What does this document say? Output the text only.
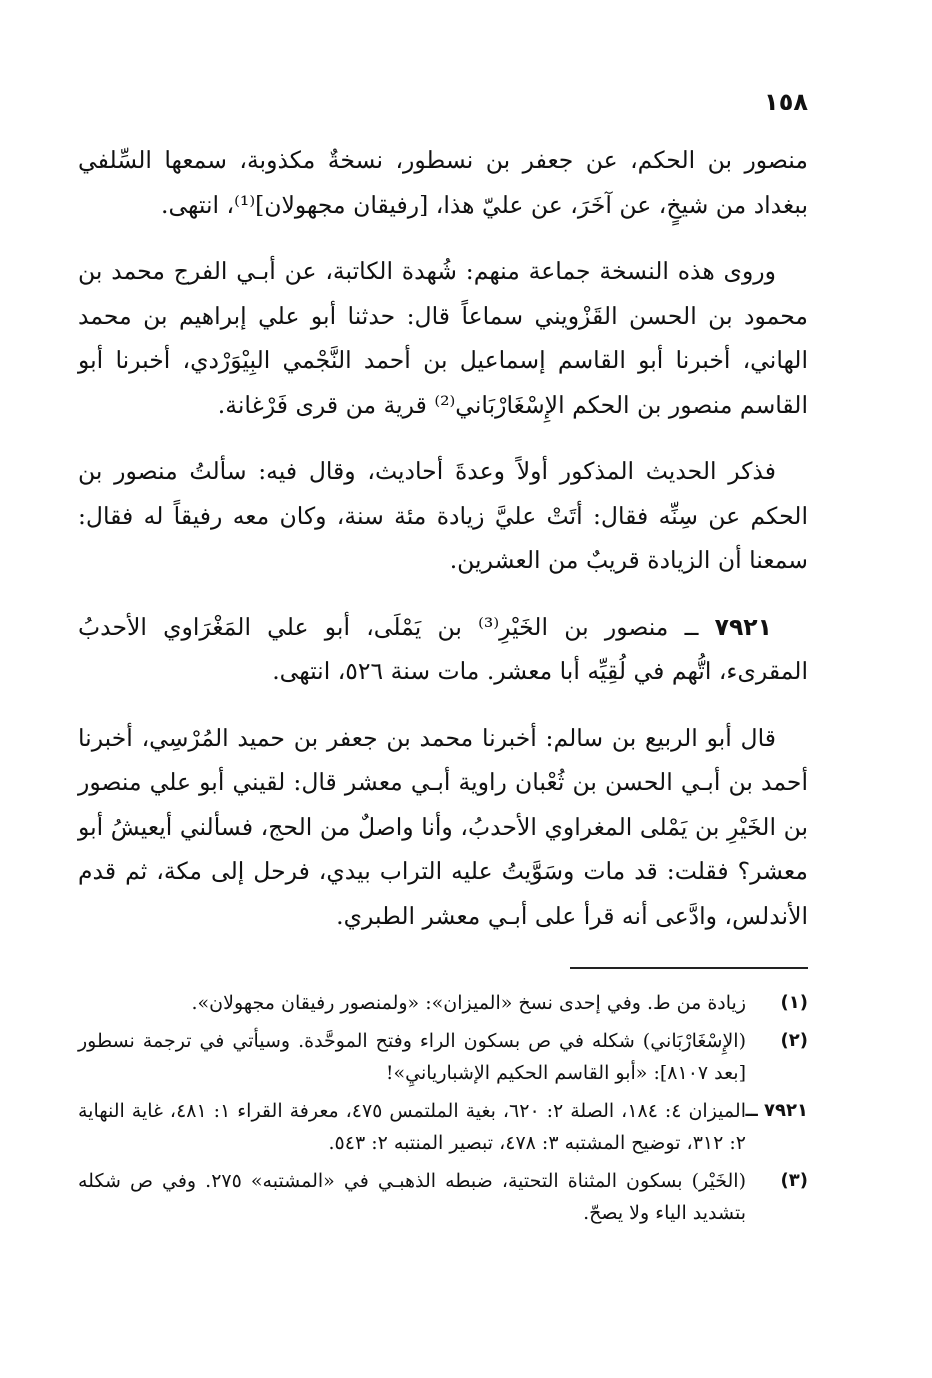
١٥٨

منصور بن الحكم، عن جعفر بن نسطور، نسخةٌ مكذوبة، سمعها السِّلفي ببغداد من شيخٍ، عن آخَرَ، عن عليّ هذا، [رفيقان مجهولان]⁽¹⁾، انتهى.

وروى هذه النسخة جماعة منهم: شُهدة الكاتبة، عن أبـي الفرج محمد بن محمود بن الحسن القَزْويني سماعاً قال: حدثنا أبو علي إبراهيم بن محمد الهاني، أخبرنا أبو القاسم إسماعيل بن أحمد النَّجْمي البِيْوَرْدي، أخبرنا أبو القاسم منصور بن الحكم الإِسْغَارْبَاني⁽²⁾ قرية من قرى فَرْغانة.

فذكر الحديث المذكور أولاً وعدةَ أحاديث، وقال فيه: سألتُ منصور بن الحكم عن سِنِّه فقال: أتَتْ عليَّ زيادة مئة سنة، وكان معه رفيقاً له فقال: سمعنا أن الزيادة قريبٌ من العشرين.

٧٩٢١ ــ منصور بن الخَيْرِ⁽³⁾ بن يَمْلَى، أبو علي المَغْرَاوي الأحدبُ المقرىء، اتُّهم في لُقِيِّه أبا معشر. مات سنة ٥٢٦، انتهى.

قال أبو الربيع بن سالم: أخبرنا محمد بن جعفر بن حميد المُرْسِي، أخبرنا أحمد بن أبـي الحسن بن ثُعْبان راوية أبـي معشر قال: لقيني أبو علي منصور بن الخَيْرِ بن يَمْلى المغراوي الأحدبُ، وأنا واصلٌ من الحج، فسألني أيعيشُ أبو معشر؟ فقلت: قد مات وسَوَّيتُ عليه التراب بيدي، فرحل إلى مكة، ثم قدم الأندلس، وادَّعى أنه قرأ على أبـي معشر الطبري.

(١)
زيادة من ط. وفي إحدى نسخ «الميزان»: «ولمنصور رفيقان مجهولان».
(٢)
(الإِسْغَارْبَاني) شكله في ص بسكون الراء وفتح الموحَّدة. وسيأتي في ترجمة نسطور [بعد ٨١٠٧]: «أبو القاسم الحكيم الإشباريانيِ»!
٧٩٢١ ــ
الميزان ٤: ١٨٤، الصلة ٢: ٦٢٠، بغية الملتمس ٤٧٥، معرفة القراء ١: ٤٨١، غاية النهاية ٢: ٣١٢، توضيح المشتبه ٣: ٤٧٨، تبصير المنتبه ٢: ٥٤٣.
(٣)
(الخَيْر) بسكون المثناة التحتية، ضبطه الذهبـي في «المشتبه» ٢٧٥. وفي ص شكله بتشديد الياء ولا يصحّ.
